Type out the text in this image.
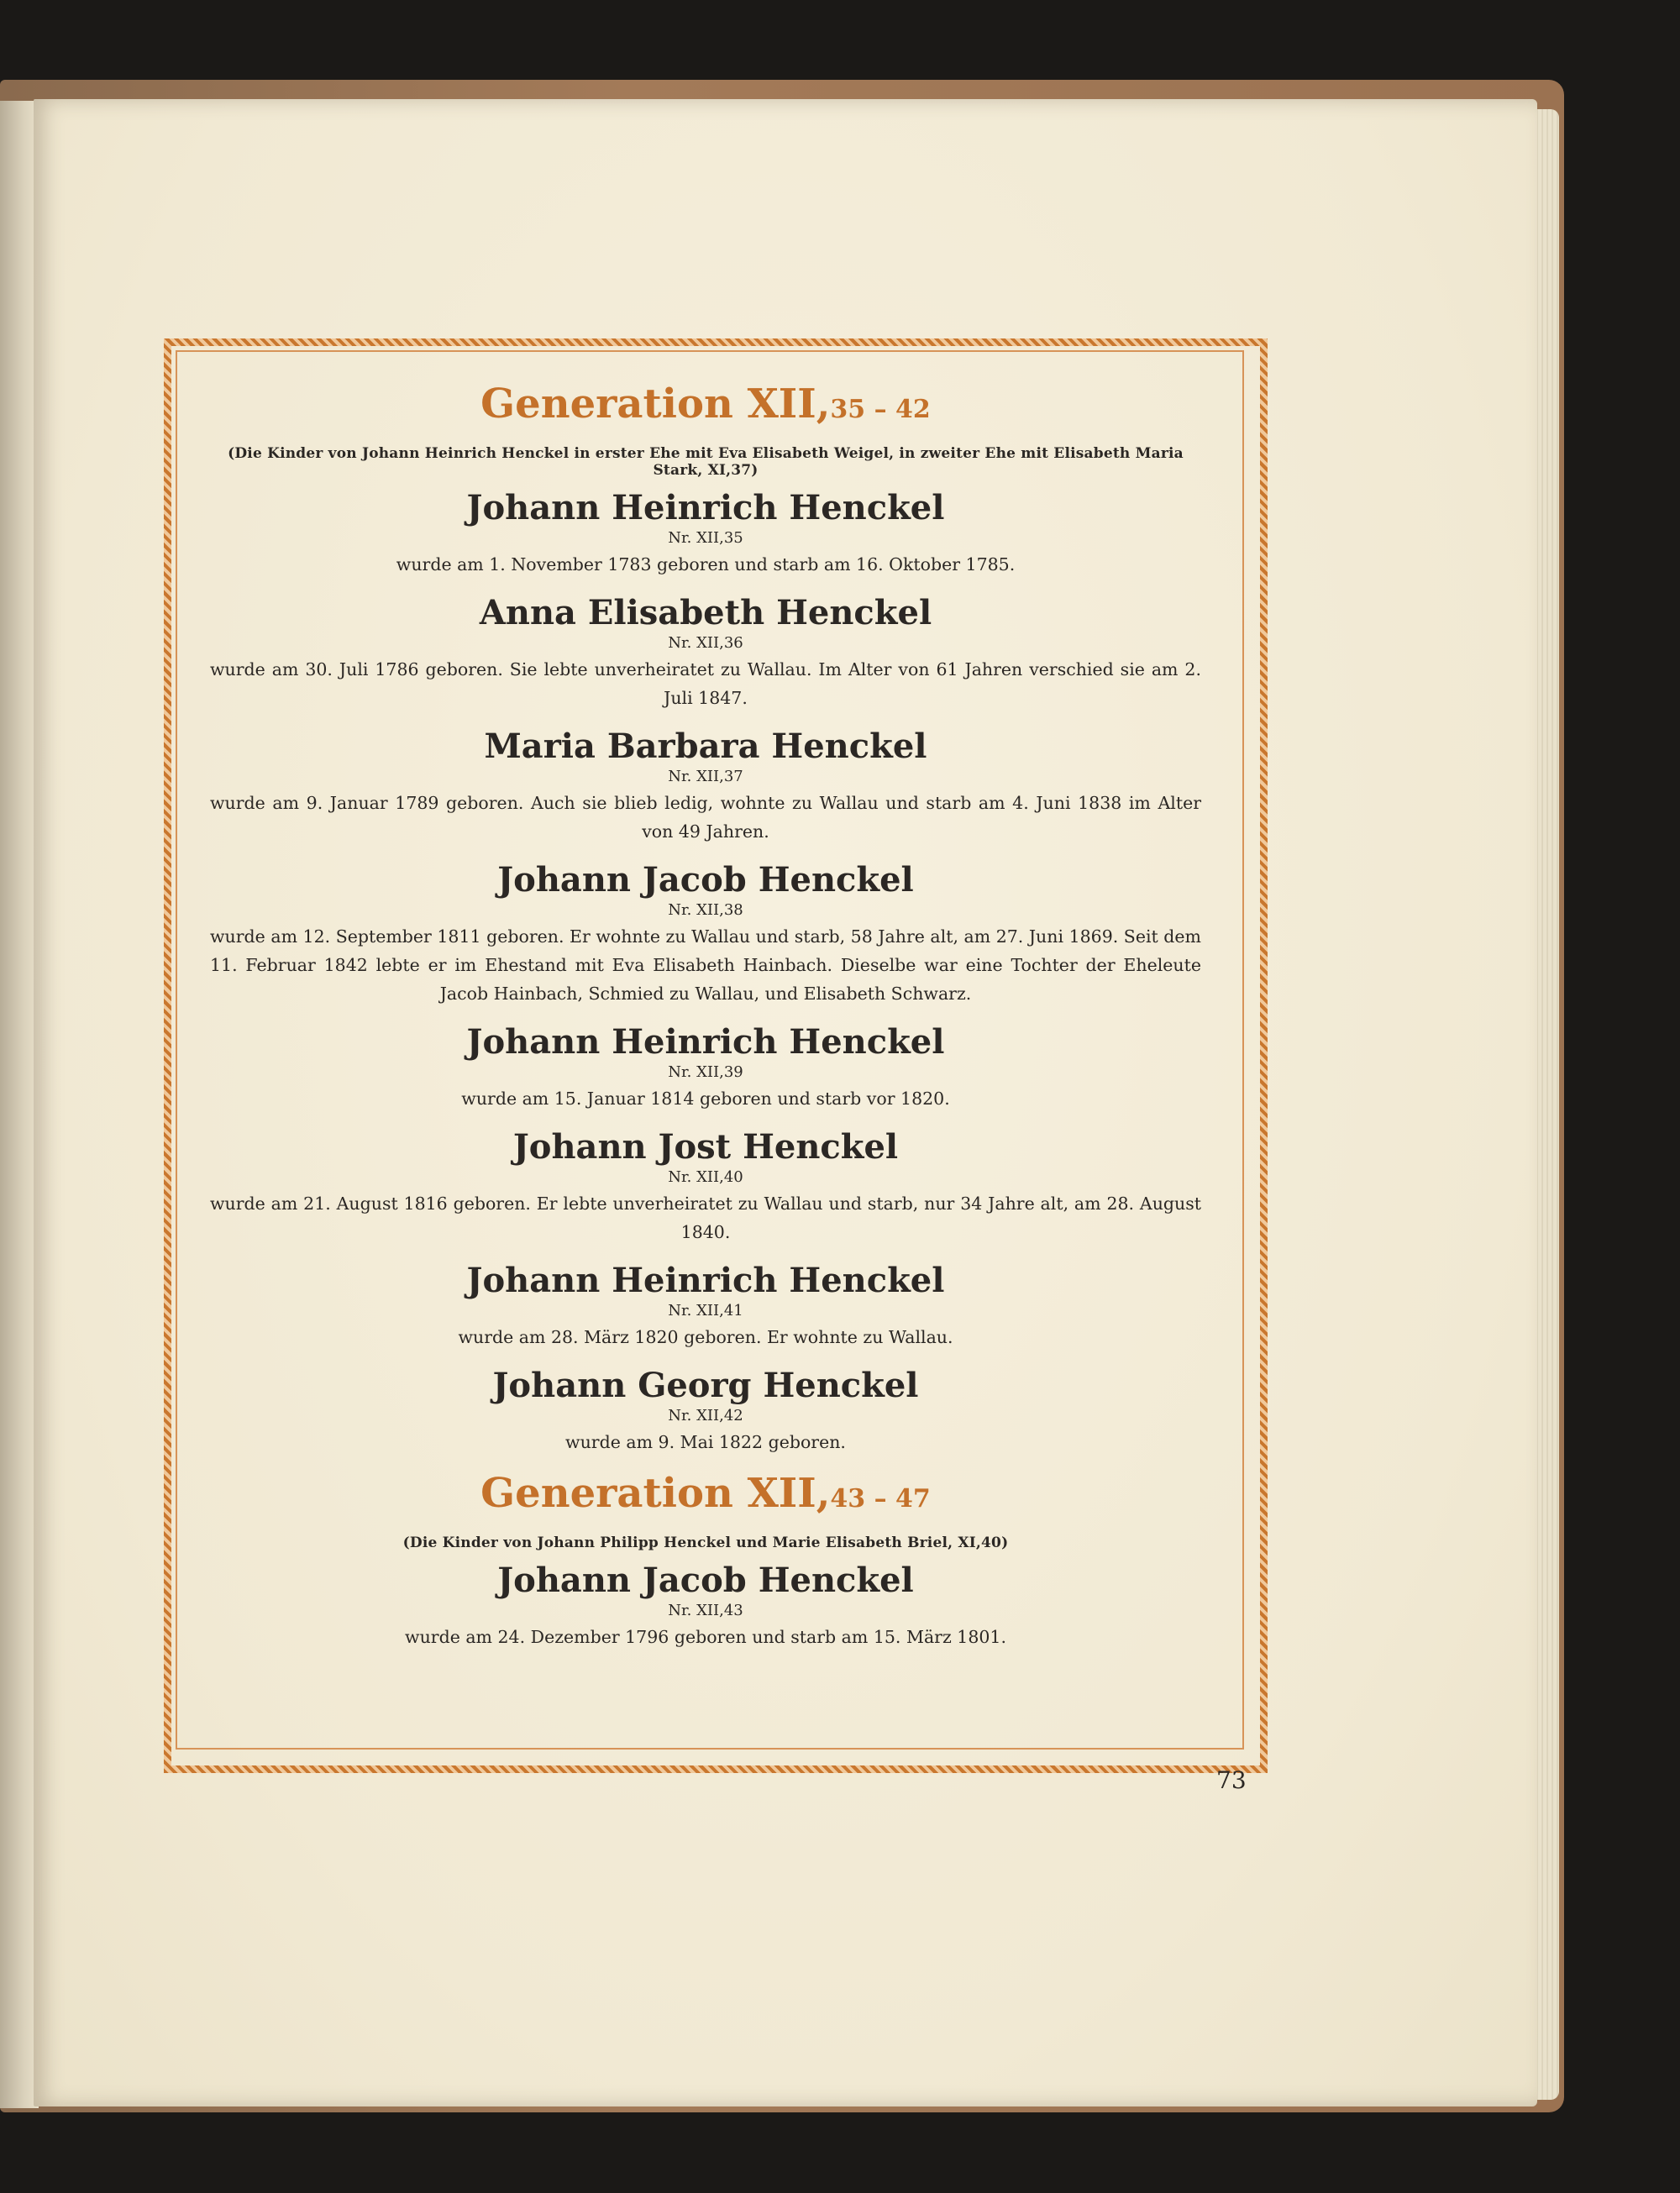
Generation XII,35 – 42
(Die Kinder von Johann Heinrich Henckel in erster Ehe mit Eva Elisabeth Weigel, in zweiter Ehe mit Elisabeth Maria Stark, XI,37)
Johann Heinrich Henckel
Nr. XII,35

wurde am 1. November 1783 geboren und starb am 16. Oktober 1785.

Anna Elisabeth Henckel
Nr. XII,36

wurde am 30. Juli 1786 geboren. Sie lebte unverheiratet zu Wallau. Im Alter von 61 Jahren verschied sie am 2. Juli 1847.

Maria Barbara Henckel
Nr. XII,37

wurde am 9. Januar 1789 geboren. Auch sie blieb ledig, wohnte zu Wallau und starb am 4. Juni 1838 im Alter von 49 Jahren.

Johann Jacob Henckel
Nr. XII,38

wurde am 12. September 1811 geboren. Er wohnte zu Wallau und starb, 58 Jahre alt, am 27. Juni 1869. Seit dem 11. Februar 1842 lebte er im Ehestand mit Eva Elisabeth Hainbach. Dieselbe war eine Tochter der Eheleute Jacob Hainbach, Schmied zu Wallau, und Elisabeth Schwarz.

Johann Heinrich Henckel
Nr. XII,39

wurde am 15. Januar 1814 geboren und starb vor 1820.

Johann Jost Henckel
Nr. XII,40

wurde am 21. August 1816 geboren. Er lebte unverheiratet zu Wallau und starb, nur 34 Jahre alt, am 28. August 1840.

Johann Heinrich Henckel
Nr. XII,41

wurde am 28. März 1820 geboren. Er wohnte zu Wallau.

Johann Georg Henckel
Nr. XII,42

wurde am 9. Mai 1822 geboren.

Generation XII,43 – 47
(Die Kinder von Johann Philipp Henckel und Marie Elisabeth Briel, XI,40)
Johann Jacob Henckel
Nr. XII,43

wurde am 24. Dezember 1796 geboren und starb am 15. März 1801.

73
